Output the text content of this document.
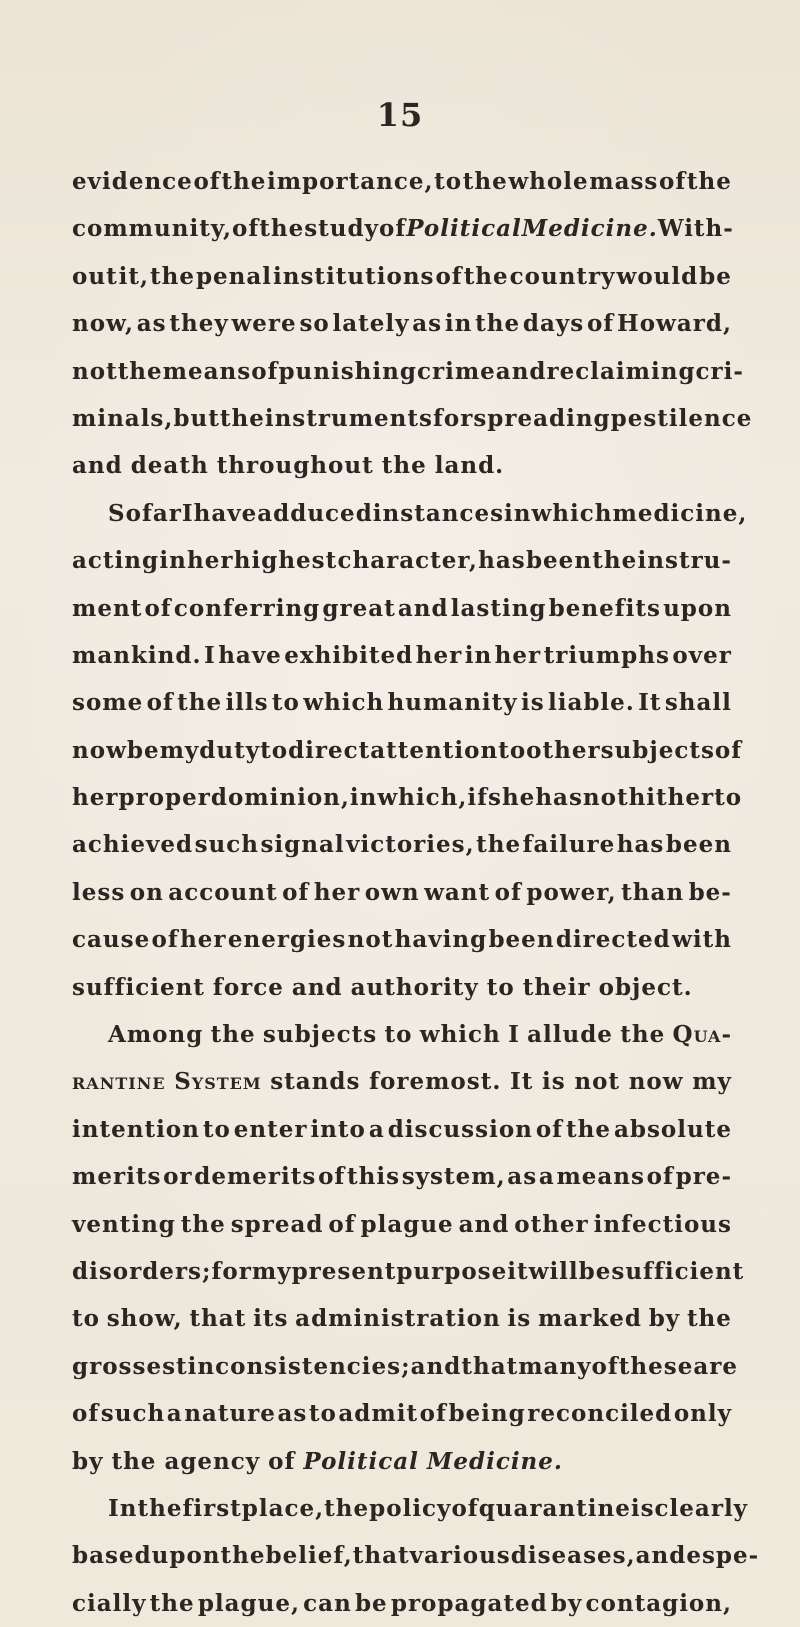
15
evidence of the importance, to the whole mass of the
community, of the study of Political Medicine. With-
out it, the penal institutions of the country would be
now, as they were so lately as in the days of Howard,
not the means of punishing crime and reclaiming cri-
minals, but the instruments for spreading pestilence
and death throughout the land.
So far I have adduced instances in which medicine,
acting in her highest character, has been the instru-
ment of conferring great and lasting benefits upon
mankind. I have exhibited her in her triumphs over
some of the ills to which humanity is liable. It shall
now be my duty to direct attention to other subjects of
her proper dominion, in which, if she has not hitherto
achieved such signal victories, the failure has been
less on account of her own want of power, than be-
cause of her energies not having been directed with
sufficient force and authority to their object.
Among the subjects to which I allude the Qua-
rantine System stands foremost. It is not now my
intention to enter into a discussion of the absolute
merits or demerits of this system, as a means of pre-
venting the spread of plague and other infectious
disorders; for my present purpose it will be sufficient
to show, that its administration is marked by the
grossest inconsistencies; and that many of these are
of such a nature as to admit of being reconciled only
by the agency of Political Medicine.
In the first place, the policy of quarantine is clearly
based upon the belief, that various diseases, and espe-
cially the plague, can be propagated by contagion,
